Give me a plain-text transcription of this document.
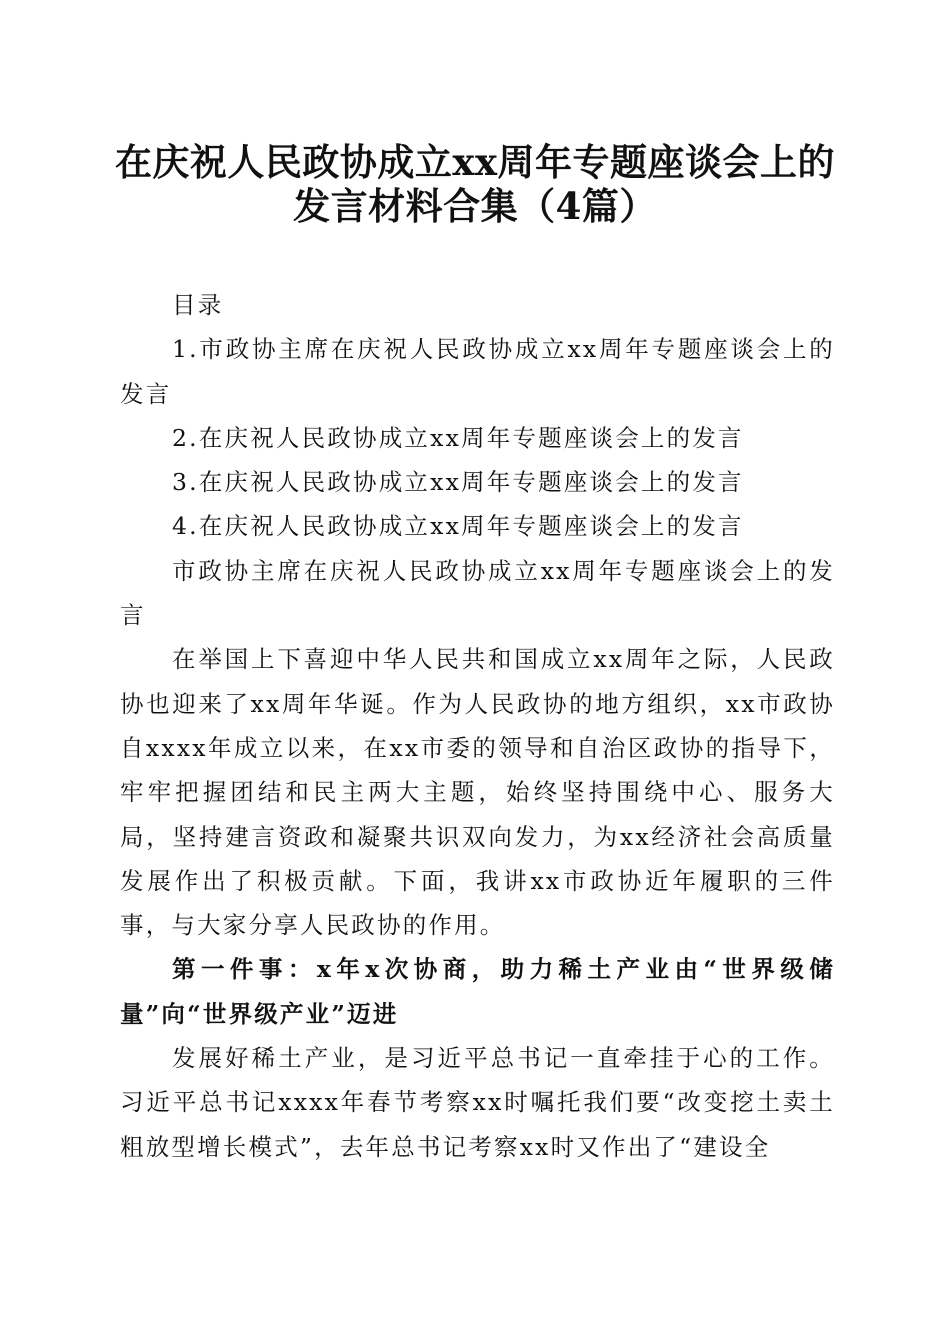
在庆祝人民政协成立xx周年专题座谈会上的
发言材料合集（4篇）

目录

1.市政协主席在庆祝人民政协成立xx周年专题座谈会上的发言

2.在庆祝人民政协成立xx周年专题座谈会上的发言

3.在庆祝人民政协成立xx周年专题座谈会上的发言

4.在庆祝人民政协成立xx周年专题座谈会上的发言

市政协主席在庆祝人民政协成立xx周年专题座谈会上的发言

在举国上下喜迎中华人民共和国成立xx周年之际，人民政协也迎来了xx周年华诞。作为人民政协的地方组织，xx市政协自xxxx年成立以来，在xx市委的领导和自治区政协的指导下，牢牢把握团结和民主两大主题，始终坚持围绕中心、服务大局，坚持建言资政和凝聚共识双向发力，为xx经济社会高质量发展作出了积极贡献。下面，我讲xx市政协近年履职的三件事，与大家分享人民政协的作用。

第一件事：x年x次协商，助力稀土产业由“世界级储量”向“世界级产业”迈进

发展好稀土产业，是习近平总书记一直牵挂于心的工作。习近平总书记xxxx年春节考察xx时嘱托我们要“改变挖土卖土粗放型增长模式”，去年总书记考察xx时又作出了“建设全
